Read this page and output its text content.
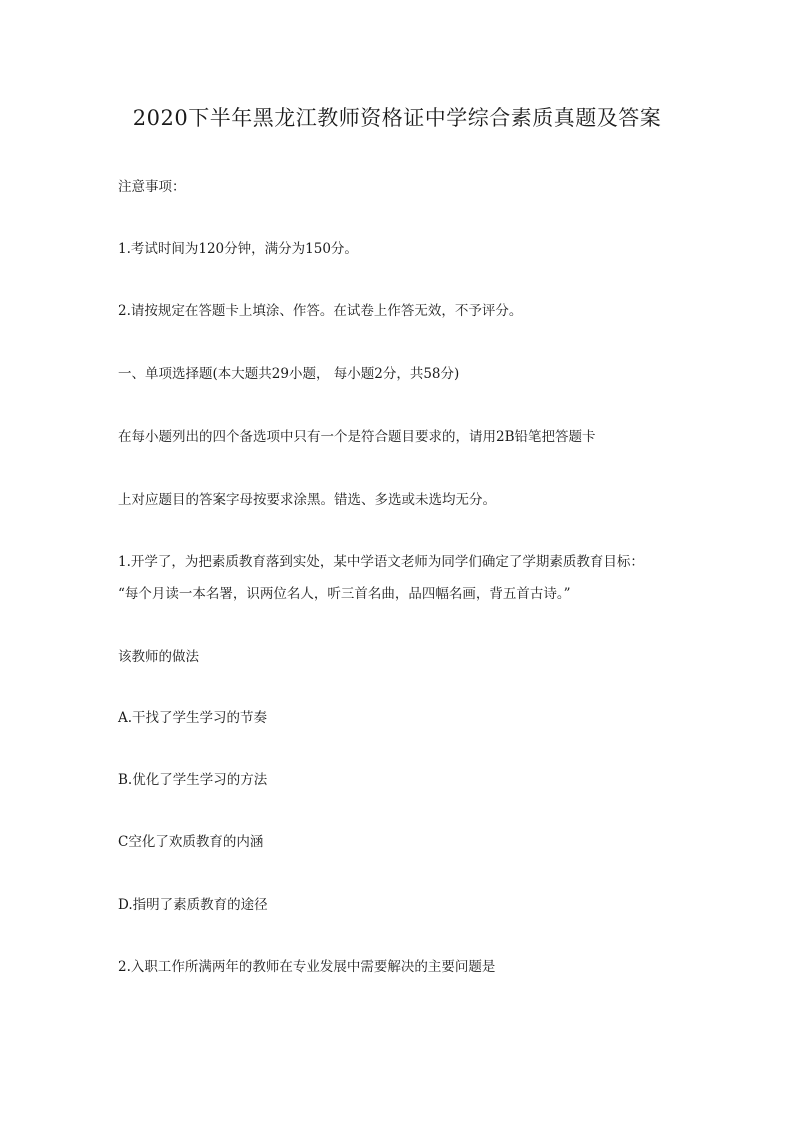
2020下半年黑龙江教师资格证中学综合素质真题及答案
注意事项：
1.考试时间为120分钟，满分为150分。
2.请按规定在答题卡上填涂、作答。在试卷上作答无效，不予评分。
一、单项选择题(本大题共29小题， 每小题2分，共58分)
在每小题列出的四个备选项中只有一个是符合题目要求的，请用2B铅笔把答题卡
上对应题目的答案字母按要求涂黑。错选、多选或未选均无分。
1.开学了，为把素质教育落到实处，某中学语文老师为同学们确定了学期素质教育目标：
“每个月读一本名署，识两位名人，听三首名曲，品四幅名画，背五首古诗。”
该教师的做法
A.干找了学生学习的节奏
B.优化了学生学习的方法
C空化了欢质教育的内涵
D.指明了素质教育的途径
2.入职工作所满两年的教师在专业发展中需要解决的主要问题是
